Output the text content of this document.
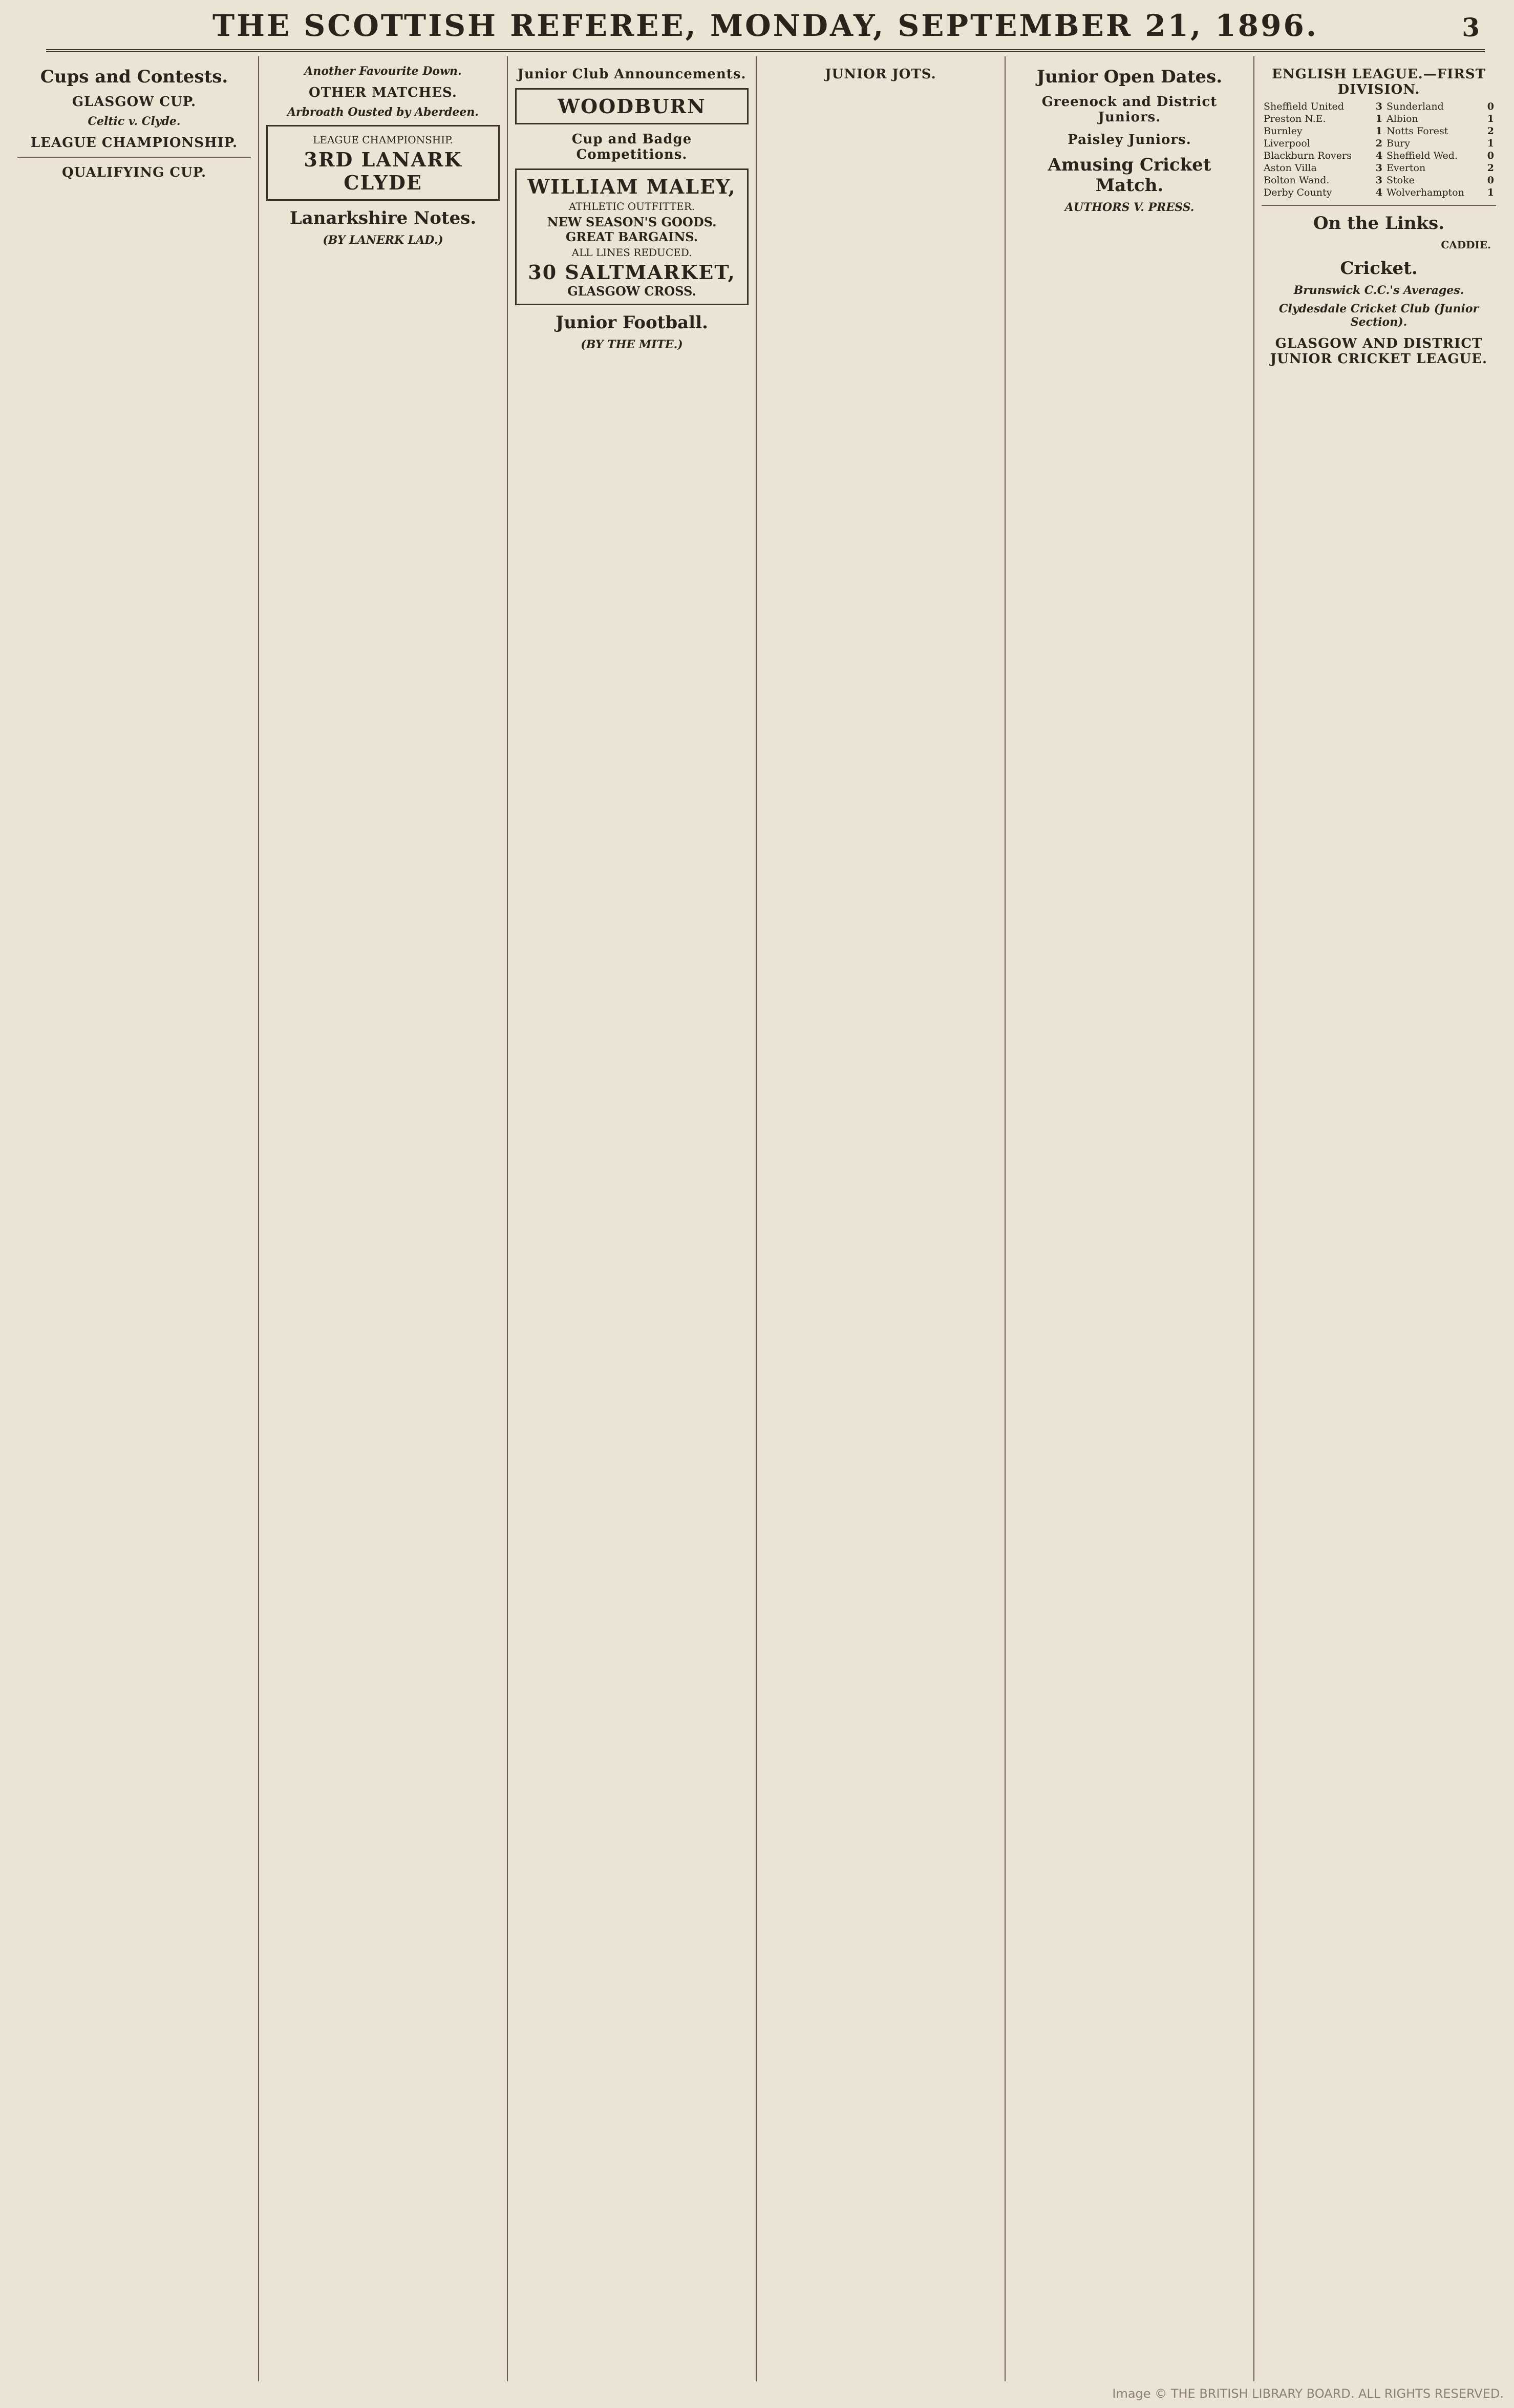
THE SCOTTISH REFEREE, MONDAY, SEPTEMBER 21, 1896.	3
Cups and Contests.
GLASGOW CUP.

Celtic v. Clyde.

LEAGUE CHAMPIONSHIP.
QUALIFYING CUP.
Another Favourite Down.
OTHER MATCHES.
Arbroath Ousted by Aberdeen.
LEAGUE CHAMPIONSHIP.
3RD LANARK
CLYDE
Lanarkshire Notes.
(BY LANERK LAD.)
Junior Club Announcements.
WOODBURN
Cup and Badge Competitions.
WILLIAM MALEY,
ATHLETIC OUTFITTER.
NEW SEASON'S GOODS.
GREAT BARGAINS.
ALL LINES REDUCED.
30 SALTMARKET,
GLASGOW CROSS.
Junior Football.
(BY THE MITE.)
JUNIOR JOTS.	Junior Open Dates.
Greenock and District Juniors.
Paisley Juniors.
Amusing Cricket Match.
AUTHORS V. PRESS.
ENGLISH LEAGUE.—FIRST DIVISION.
Sheffield United	3	Sunderland	0
Preston N.E.	1	Albion	1
Burnley	1	Notts Forest	2
Liverpool	2	Bury	1
Blackburn Rovers	4	Sheffield Wed.	0
Aston Villa	3	Everton	2
Bolton Wand.	3	Stoke	0
Derby County	4	Wolverhampton	1
On the Links.
CADDIE.
Cricket.
Brunswick C.C.'s Averages.
Clydesdale Cricket Club (Junior Section).
GLASGOW AND DISTRICT JUNIOR CRICKET LEAGUE.
Image © THE BRITISH LIBRARY BOARD. ALL RIGHTS RESERVED.
